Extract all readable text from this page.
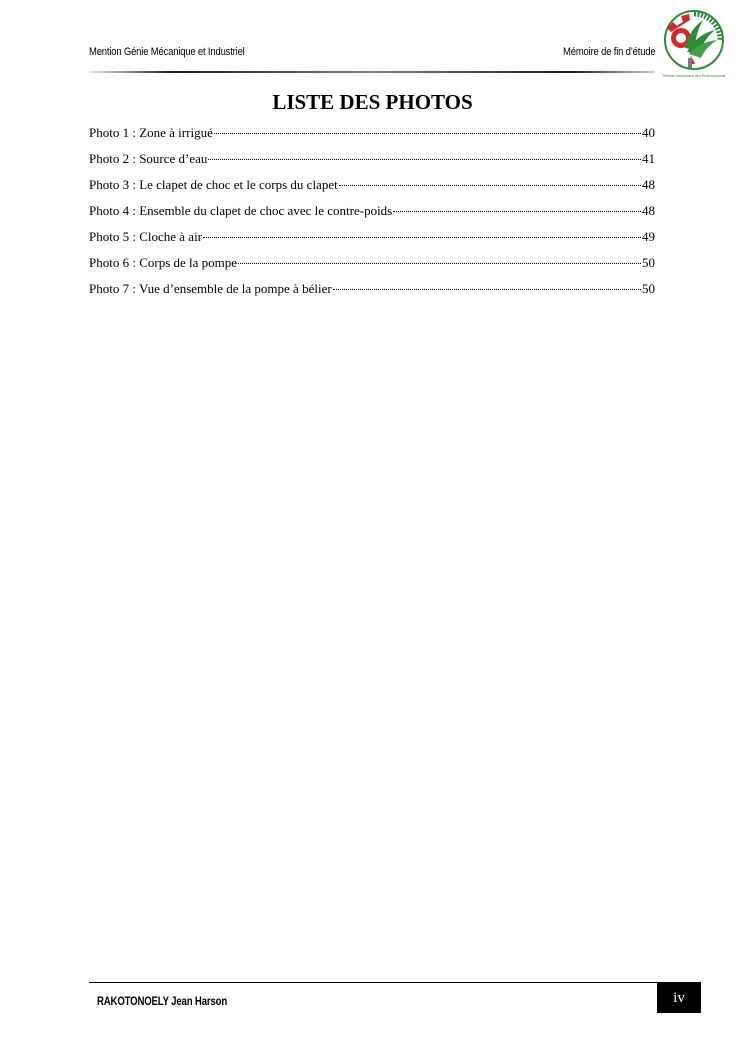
Mention Génie Mécanique et Industriel	Mémoire de fin d’étude
Premier fournisseur des Professionnels
LISTE DES PHOTOS
Photo 1 : Zone à irrigué	40
Photo 2 : Source d’eau	41
Photo 3 : Le clapet de choc et le corps du clapet	48
Photo 4 : Ensemble du clapet de choc avec le contre-poids	48
Photo 5 : Cloche à air	49
Photo 6 : Corps de la pompe	50
Photo 7 : Vue d’ensemble de la pompe à bélier	50
RAKOTONOELY Jean Harson	iv
